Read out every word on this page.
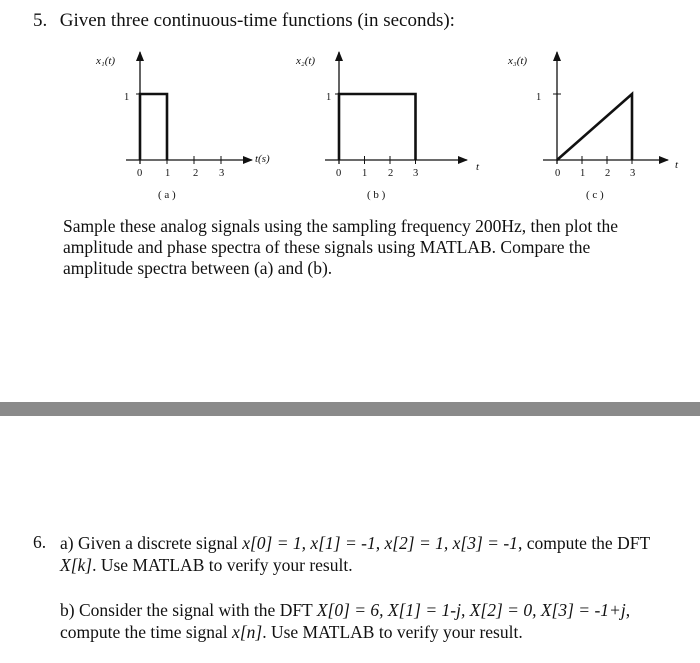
5. Given three continuous-time functions (in seconds):
x₁(t)
1
t(s)
0 1 2 3
( a )
x₂(t)
1
t
0 1 2 3
( b )
x₃(t)
1
t
0 1 2 3
( c )
Sample these analog signals using the sampling frequency 200Hz, then plot the amplitude and phase spectra of these signals using MATLAB. Compare the amplitude spectra between (a) and (b).
6. a) Given a discrete signal x[0] = 1, x[1] = -1, x[2] = 1, x[3] = -1, compute the DFT X[k]. Use MATLAB to verify your result.
b) Consider the signal with the DFT X[0] = 6, X[1] = 1-j, X[2] = 0, X[3] = -1+j, compute the time signal x[n]. Use MATLAB to verify your result.
